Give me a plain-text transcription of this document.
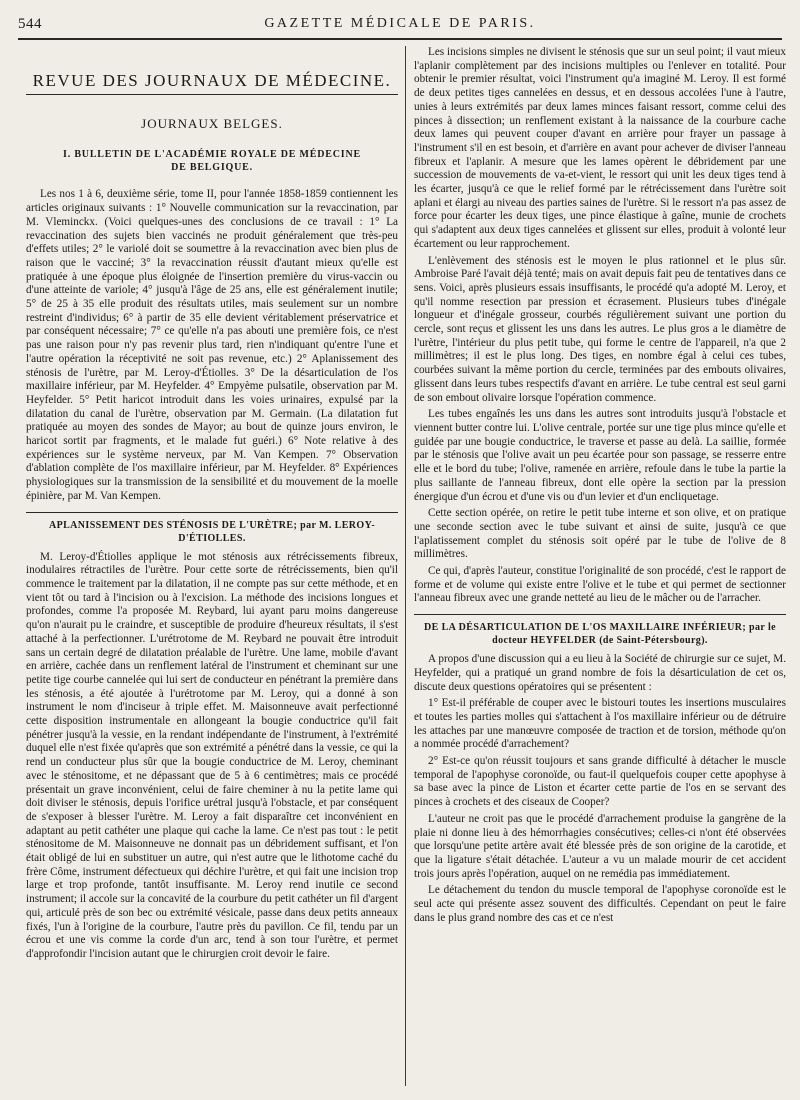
544	GAZETTE MÉDICALE DE PARIS.
REVUE DES JOURNAUX DE MÉDECINE.
JOURNAUX BELGES.
I. BULLETIN DE L'ACADÉMIE ROYALE DE MÉDECINE DE BELGIQUE.

Les nos 1 à 6, deuxième série, tome II, pour l'année 1858-1859 contiennent les articles originaux suivants : 1° Nouvelle communication sur la revaccination, par M. Vleminckx. (Voici quelques-unes des conclusions de ce travail : 1° La revaccination des sujets bien vaccinés ne produit généralement que très-peu d'effets utiles; 2° le variolé doit se soumettre à la revaccination avec bien plus de raison que le vacciné; 3° la revaccination réussit d'autant mieux qu'elle est pratiquée à une époque plus éloignée de l'insertion première du virus-vaccin ou d'une atteinte de variole; 4° jusqu'à l'âge de 25 ans, elle est généralement inutile; 5° de 25 à 35 elle produit des résultats utiles, mais seulement sur un nombre restreint d'individus; 6° à partir de 35 elle devient véritablement préservatrice et par conséquent nécessaire; 7° ce qu'elle n'a pas abouti une première fois, ce n'est pas une raison pour n'y pas revenir plus tard, rien n'indiquant qu'entre l'une et l'autre opération la réceptivité ne soit pas revenue, etc.) 2° Aplanissement des sténosis de l'urètre, par M. Leroy-d'Étiolles. 3° De la désarticulation de l'os maxillaire inférieur, par M. Heyfelder. 4° Empyème pulsatile, observation par M. Heyfelder. 5° Petit haricot introduit dans les voies urinaires, expulsé par la dilatation du canal de l'urètre, observation par M. Germain. (La dilatation fut pratiquée au moyen des sondes de Mayor; au bout de quinze jours environ, le haricot sortit par fragments, et le malade fut guéri.) 6° Note relative à des expériences sur le système nerveux, par M. Van Kempen. 7° Observation d'ablation complète de l'os maxillaire inférieur, par M. Heyfelder. 8° Expériences physiologiques sur la transmission de la sensibilité et du mouvement de la moelle épinière, par M. Van Kempen.

APLANISSEMENT DES STÉNOSIS DE L'URÈTRE; par M. LEROY-D'ÉTIOLLES.

M. Leroy-d'Étiolles applique le mot sténosis aux rétrécissements fibreux, inodulaires rétractiles de l'urètre. Pour cette sorte de rétrécissements, bien qu'il commence le traitement par la dilatation, il ne compte pas sur cette méthode, et en vient tôt ou tard à l'incision ou à l'excision. La méthode des incisions longues et profondes, comme l'a proposée M. Reybard, lui ayant paru moins dangereuse qu'on n'aurait pu le craindre, et susceptible de produire d'heureux résultats, il s'est attaché à la perfectionner. L'urétrotome de M. Reybard ne pouvait être introduit sans un certain degré de dilatation préalable de l'urètre. Une lame, mobile d'avant en arrière, cachée dans un renflement latéral de l'instrument et cheminant sur une petite tige courbe cannelée qui lui sert de conducteur en pénétrant la première dans les sténosis, a été ajoutée à l'urétrotome par M. Leroy, qui a donné à son instrument le nom d'inciseur à triple effet. M. Maisonneuve avait perfectionné cette disposition instrumentale en allongeant la bougie conductrice qu'il fait pénétrer jusqu'à la vessie, en la rendant indépendante de l'instrument, à l'extrémité duquel elle n'est fixée qu'après que son extrémité a pénétré dans la vessie, ce qui la rend un conducteur plus sûr que la bougie conductrice de M. Leroy, cheminant avec le sténositome, et ne dépassant que de 5 à 6 centimètres; mais ce procédé présentait un grave inconvénient, celui de faire cheminer à nu la petite lame qui doit diviser le sténosis, depuis l'orifice urétral jusqu'à l'obstacle, et par conséquent de s'exposer à blesser l'urètre. M. Leroy a fait disparaître cet inconvénient en adaptant au petit cathéter une plaque qui cache la lame. Ce n'est pas tout : le petit sténositome de M. Maisonneuve ne donnait pas un débridement suffisant, et l'on était obligé de lui en substituer un autre, qui n'est autre que le lithotome caché du frère Côme, instrument défectueux qui déchire l'urètre, et qui fait une incision trop large et trop profonde, tantôt insuffisante. M. Leroy rend inutile ce second instrument; il accole sur la concavité de la courbure du petit cathéter un fil d'argent qui, articulé près de son bec ou extrémité vésicale, passe dans deux petits anneaux fixés, l'un à l'origine de la courbure, l'autre près du pavillon. Ce fil, tendu par un écrou et une vis comme la corde d'un arc, tend à son tour l'urètre, et permet d'approfondir l'incision autant que le chirurgien croit devoir le faire.

Les incisions simples ne divisent le sténosis que sur un seul point; il vaut mieux l'aplanir complètement par des incisions multiples ou l'enlever en totalité. Pour obtenir le premier résultat, voici l'instrument qu'a imaginé M. Leroy. Il est formé de deux petites tiges cannelées en dessus, et en dessous accolées l'une à l'autre, unies à leurs extrémités par deux lames minces faisant ressort, comme celui des pinces à dissection; un renflement existant à la naissance de la courbure cache deux lames qui peuvent couper d'avant en arrière pour frayer un passage à l'instrument s'il en est besoin, et d'arrière en avant pour achever de diviser l'anneau fibreux et l'aplanir. A mesure que les lames opèrent le débridement par une succession de mouvements de va-et-vient, le ressort qui unit les deux tiges tend à les écarter, jusqu'à ce que le relief formé par le rétrécissement dans l'urètre soit aplani et élargi au niveau des parties saines de l'urètre. Si le ressort n'a pas assez de force pour écarter les deux tiges, une pince élastique à gaîne, munie de crochets qui s'adaptent aux deux tiges cannelées et glissent sur elles, produit à volonté leur écartement ou leur rapprochement.

L'enlèvement des sténosis est le moyen le plus rationnel et le plus sûr. Ambroise Paré l'avait déjà tenté; mais on avait depuis fait peu de tentatives dans ce sens. Voici, après plusieurs essais insuffisants, le procédé qu'a adopté M. Leroy, et qu'il nomme resection par pression et écrasement. Plusieurs tubes d'inégale longueur et d'inégale grosseur, courbés régulièrement suivant une portion du cercle, sont reçus et glissent les uns dans les autres. Le plus gros a le diamètre de l'urètre, l'intérieur du plus petit tube, qui forme le centre de l'appareil, n'a que 2 millimètres; il est le plus long. Des tiges, en nombre égal à celui ces tubes, courbées suivant la même portion du cercle, terminées par des embouts olivaires, glissent dans leurs tubes respectifs d'avant en arrière. Le tube central est seul garni de son embout olivaire lorsque l'opération commence.

Les tubes engaînés les uns dans les autres sont introduits jusqu'à l'obstacle et viennent butter contre lui. L'olive centrale, portée sur une tige plus mince qu'elle et guidée par une bougie conductrice, le traverse et passe au delà. La saillie, formée par le sténosis que l'olive avait un peu écartée pour son passage, se resserre entre elle et le bord du tube; l'olive, ramenée en arrière, refoule dans le tube la partie la plus saillante de l'anneau fibreux, dont elle opère la section par la pression énergique d'un écrou et d'une vis ou d'un levier et d'un encliquetage.

Cette section opérée, on retire le petit tube interne et son olive, et on pratique une seconde section avec le tube suivant et ainsi de suite, jusqu'à ce que l'aplatissement complet du sténosis soit opéré par le tube de l'olive de 8 millimètres.

Ce qui, d'après l'auteur, constitue l'originalité de son procédé, c'est le rapport de forme et de volume qui existe entre l'olive et le tube et qui permet de sectionner l'anneau fibreux avec une grande netteté au lieu de le mâcher ou de l'arracher.

DE LA DÉSARTICULATION DE L'OS MAXILLAIRE INFÉRIEUR; par le docteur HEYFELDER (de Saint-Pétersbourg).

A propos d'une discussion qui a eu lieu à la Société de chirurgie sur ce sujet, M. Heyfelder, qui a pratiqué un grand nombre de fois la désarticulation de cet os, discute deux questions opératoires qui se présentent :

1° Est-il préférable de couper avec le bistouri toutes les insertions musculaires et toutes les parties molles qui s'attachent à l'os maxillaire inférieur ou de détruire les attaches par une manœuvre composée de traction et de torsion, méthode qu'on a nommée procédé d'arrachement?

2° Est-ce qu'on réussit toujours et sans grande difficulté à détacher le muscle temporal de l'apophyse coronoïde, ou faut-il quelquefois couper cette apophyse à sa base avec la pince de Liston et écarter cette partie de l'os en se servant des pinces à crochets et des ciseaux de Cooper?

L'auteur ne croit pas que le procédé d'arrachement produise la gangrène de la plaie ni donne lieu à des hémorrhagies consécutives; celles-ci n'ont été observées que lorsqu'une petite artère avait été blessée près de son origine de la carotide, et que la ligature s'était détachée. L'auteur a vu un malade mourir de cet accident trois jours après l'opération, auquel on ne remédia pas immédiatement.

Le détachement du tendon du muscle temporal de l'apophyse coronoïde est le seul acte qui présente assez souvent des difficultés. Cependant on peut le faire dans le plus grand nombre des cas et ce n'est
